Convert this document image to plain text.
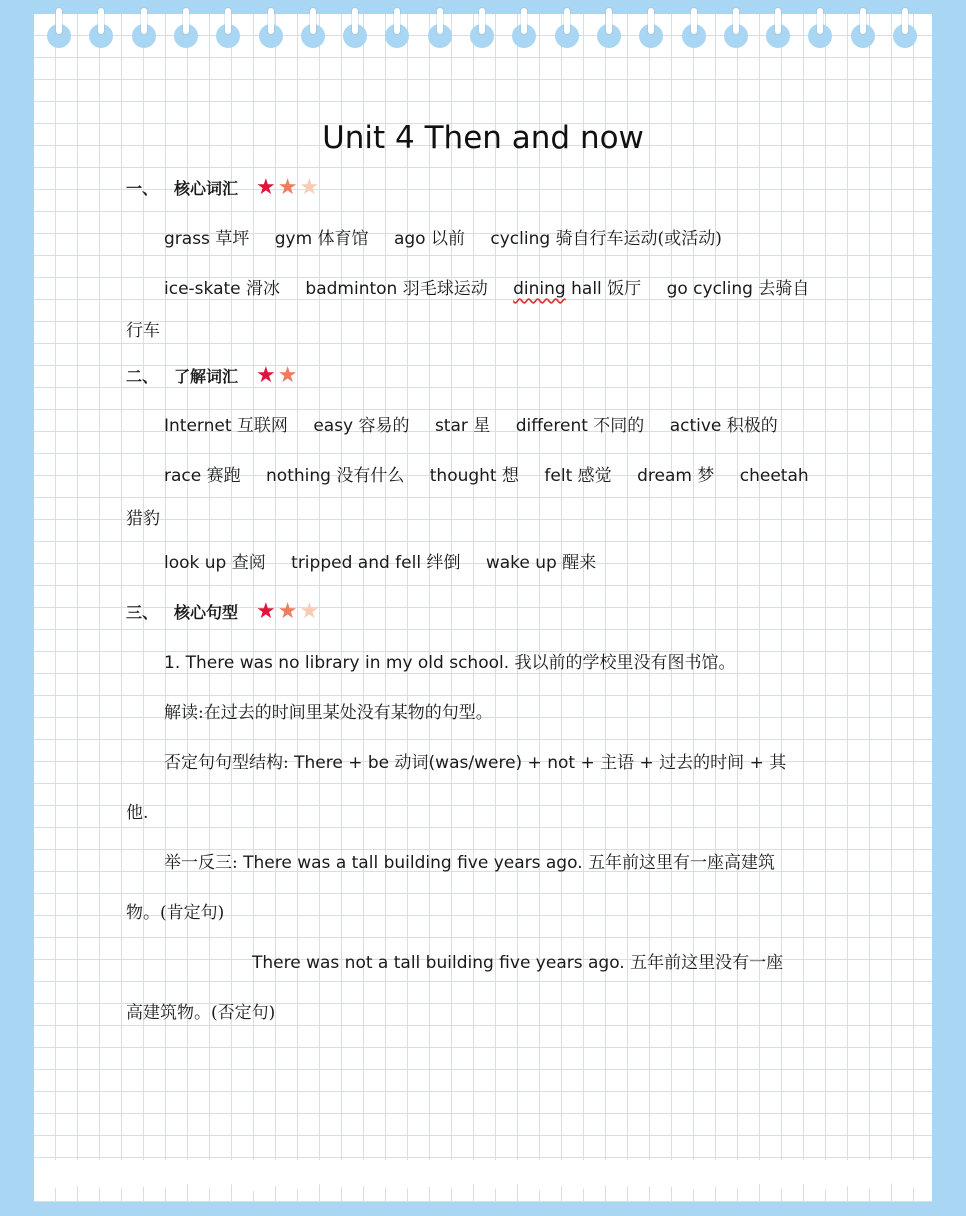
Unit 4 Then and now
一、 核心词汇 ★ ★ ★
grass 草坪 gym 体育馆 ago 以前 cycling 骑自行车运动(或活动)
ice-skate 滑冰 badminton 羽毛球运动 dining hall 饭厅 go cycling 去骑自
行车
二、 了解词汇 ★ ★
Internet 互联网 easy 容易的 star 星 different 不同的 active 积极的
race 赛跑 nothing 没有什么 thought 想 felt 感觉 dream 梦 cheetah
猎豹
look up 查阅 tripped and fell 绊倒 wake up 醒来
三、 核心句型 ★ ★ ★
1. There was no library in my old school. 我以前的学校里没有图书馆。
解读:在过去的时间里某处没有某物的句型。
否定句句型结构: There + be 动词(was/were) + not + 主语 + 过去的时间 + 其
他.
举一反三: There was a tall building five years ago. 五年前这里有一座高建筑
物。(肯定句)
There was not a tall building five years ago. 五年前这里没有一座
高建筑物。(否定句)
